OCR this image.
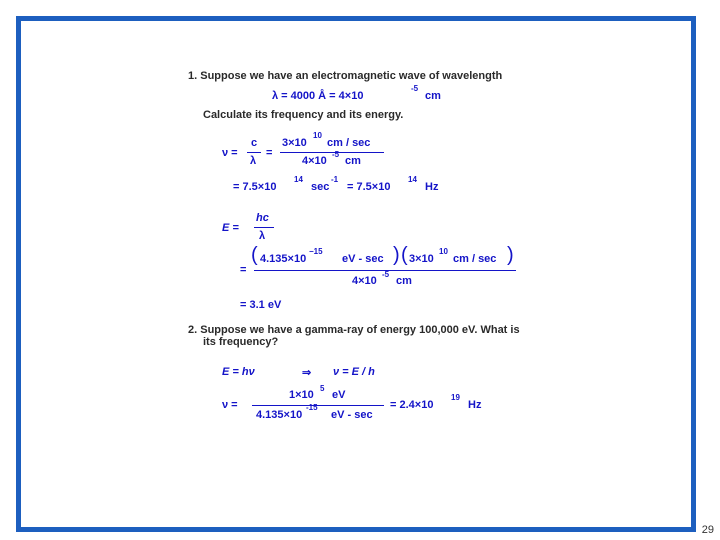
1. Suppose we have an electromagnetic wave of wavelength
λ = 4000 Å = 4×10
-5
cm
Calculate its frequency and its energy.
ν =
c
λ
=
3×10
10
cm / sec
4×10
-5
cm
= 7.5×10
14
sec
-1
= 7.5×10
14
Hz
E =
hc
λ
=
( 4.135×10
−15
eV - sec ) ( 3×10
10
cm / sec )
4×10
-5
cm
= 3.1 eV
2. Suppose we have a gamma-ray of energy 100,000 eV. What is
its frequency?
E = hν	⇒ ν = E / h
ν =
1×10
5
eV
4.135×10
-15
eV - sec
= 2.4×10
19
Hz
29
